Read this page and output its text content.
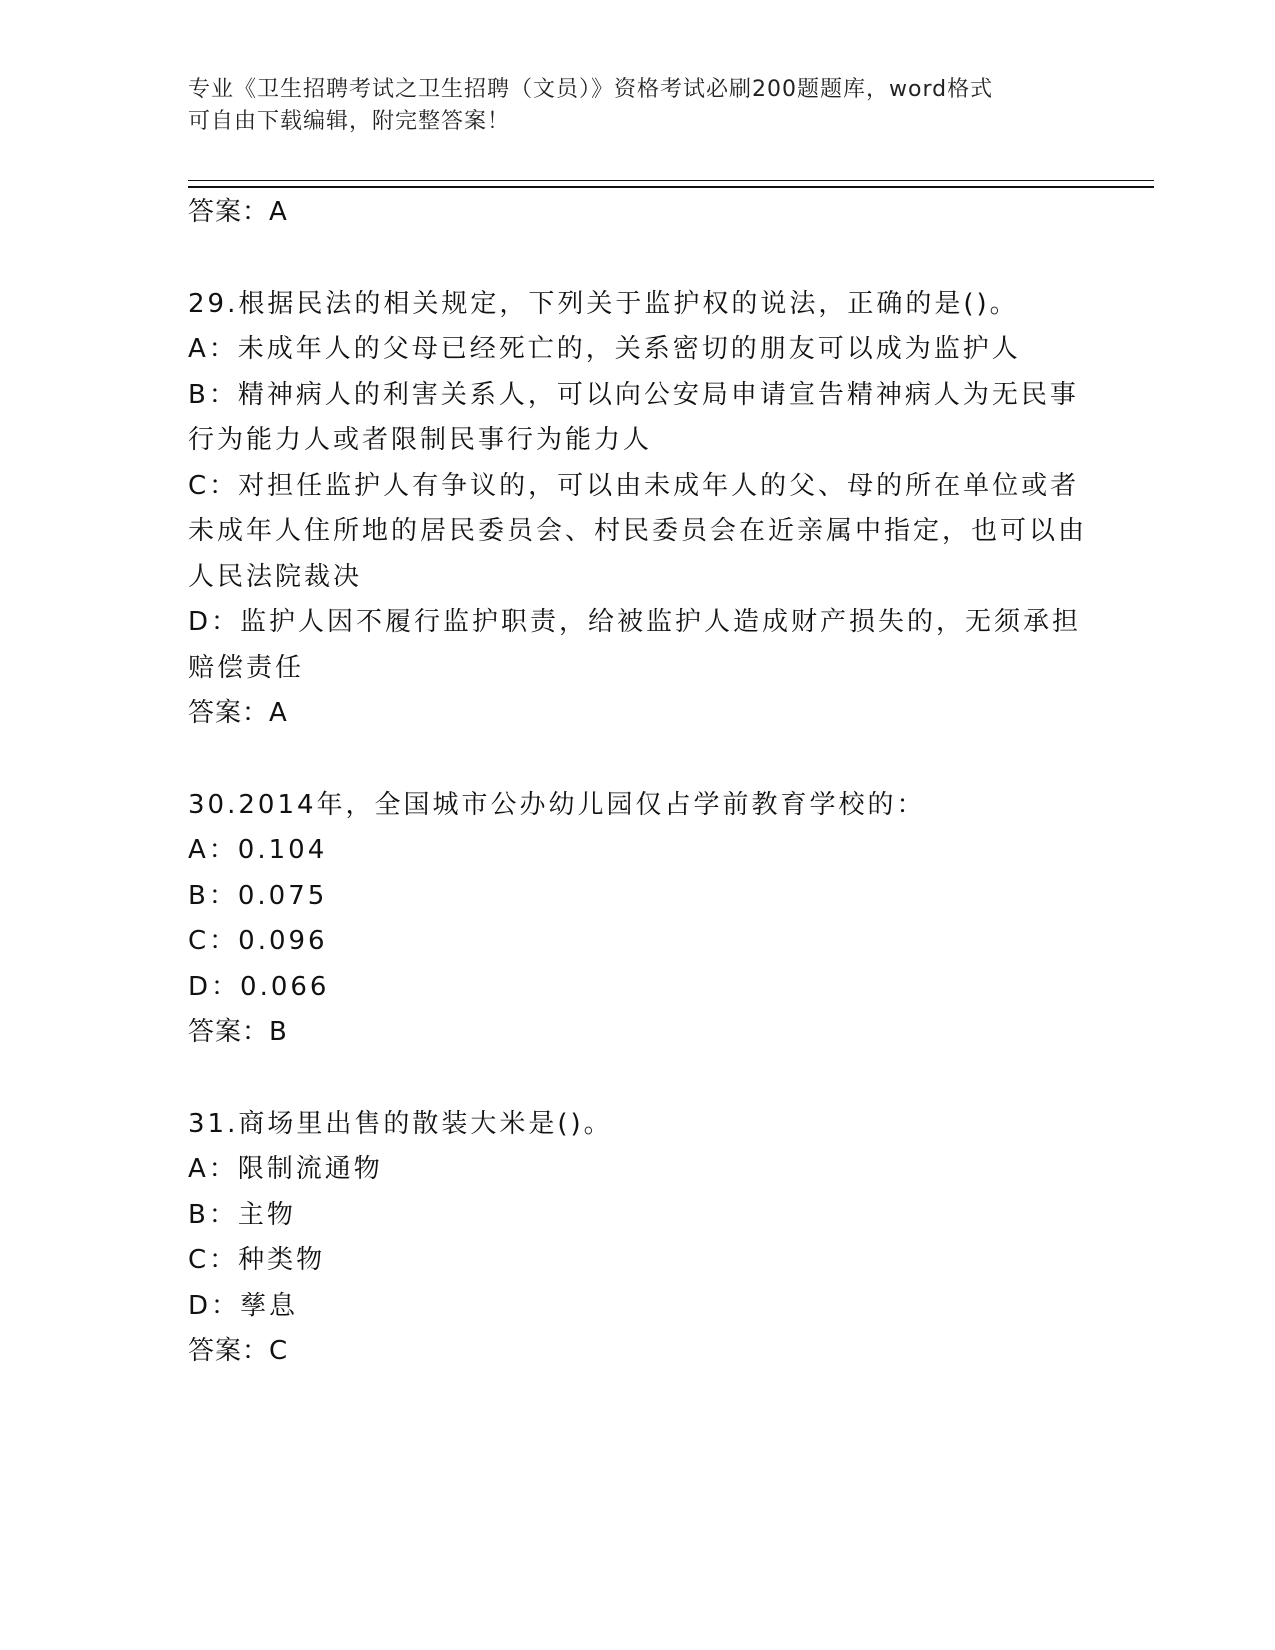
专业《卫生招聘考试之卫生招聘（文员）》资格考试必刷200题题库，word格式
可自由下载编辑，附完整答案！
答案：A
29.根据民法的相关规定，下列关于监护权的说法，正确的是()。
A：未成年人的父母已经死亡的，关系密切的朋友可以成为监护人
B：精神病人的利害关系人，可以向公安局申请宣告精神病人为无民事行为能力人或者限制民事行为能力人
C：对担任监护人有争议的，可以由未成年人的父、母的所在单位或者未成年人住所地的居民委员会、村民委员会在近亲属中指定，也可以由人民法院裁决
D：监护人因不履行监护职责，给被监护人造成财产损失的，无须承担赔偿责任
答案：A
30.2014年，全国城市公办幼儿园仅占学前教育学校的：
A：0.104
B：0.075
C：0.096
D：0.066
答案：B
31.商场里出售的散装大米是()。
A：限制流通物
B：主物
C：种类物
D：孳息
答案：C
